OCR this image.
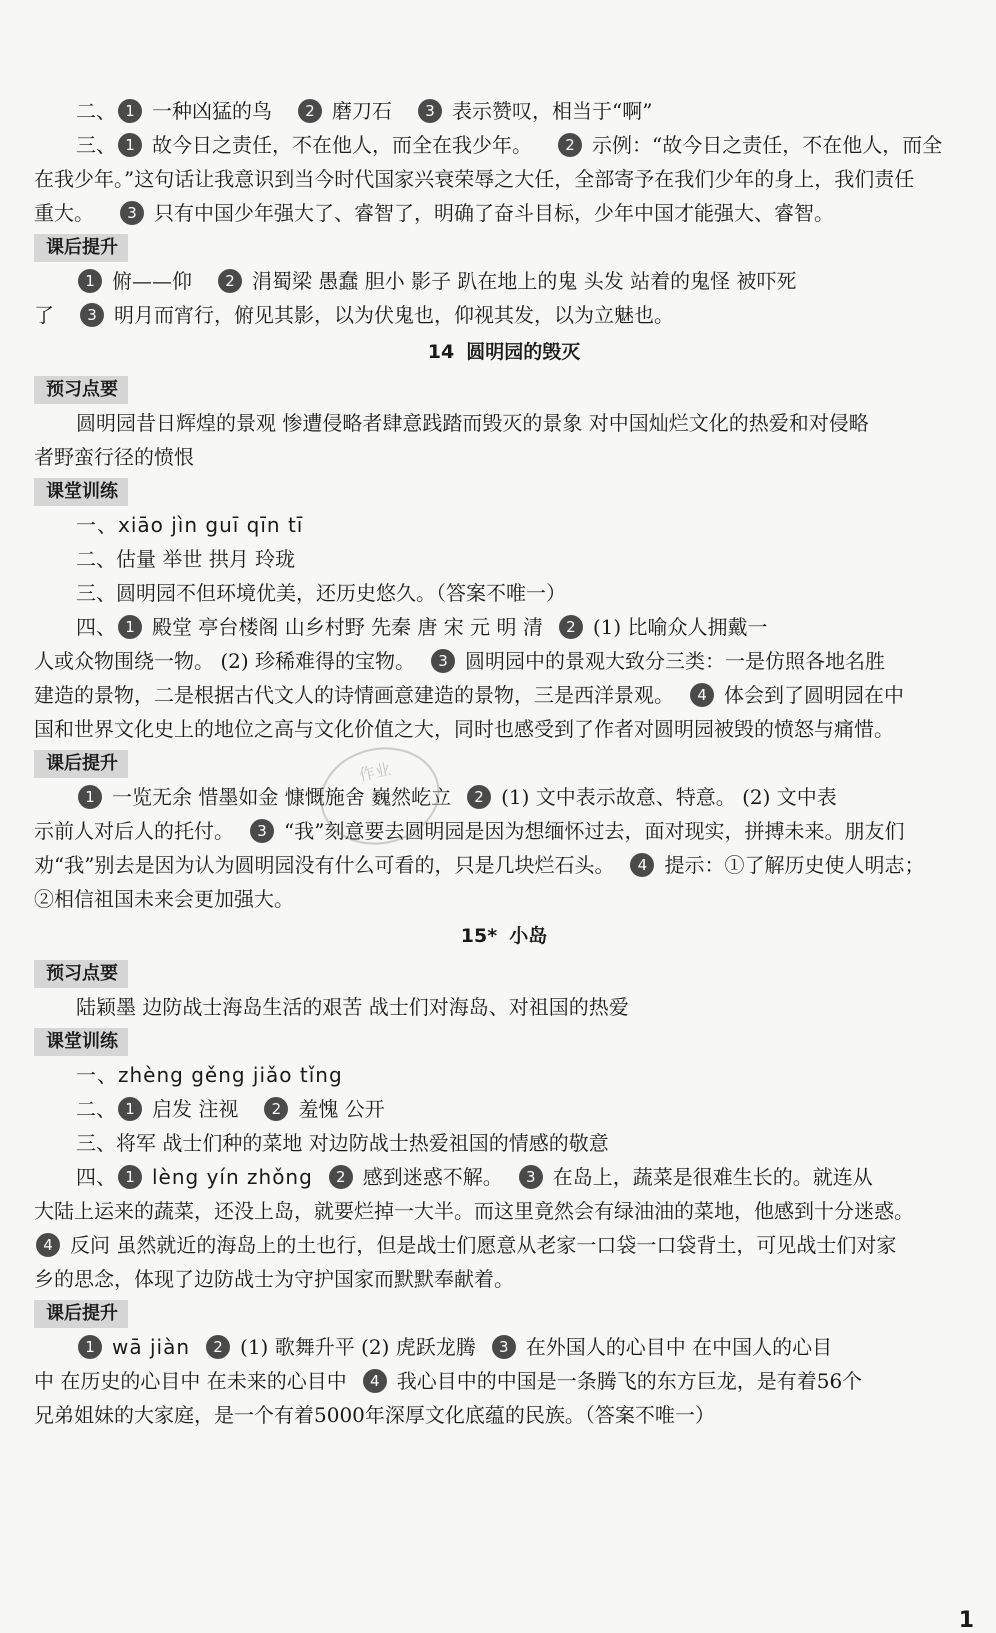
二、 1 一种凶猛的鸟 2 磨刀石 3 表示赞叹，相当于“啊”

三、 1 故今日之责任，不在他人，而全在我少年。 2 示例：“故今日之责任，不在他人，而全

在我少年。”这句话让我意识到当今时代国家兴衰荣辱之大任，全部寄予在我们少年的身上，我们责任

重大。 3 只有中国少年强大了、睿智了，明确了奋斗目标，少年中国才能强大、睿智。

课后提升

1 俯——仰 2 涓蜀梁 愚蠢 胆小 影子 趴在地上的鬼 头发 站着的鬼怪 被吓死

了 3 明月而宵行，俯见其影，以为伏鬼也，仰视其发，以为立魅也。

14 圆明园的毁灭
预习点要

圆明园昔日辉煌的景观 惨遭侵略者肆意践踏而毁灭的景象 对中国灿烂文化的热爱和对侵略

者野蛮行径的愤恨

课堂训练

一、xiāo jìn guī qīn tī

二、估量 举世 拱月 玲珑

三、圆明园不但环境优美，还历史悠久。（答案不唯一）

四、 1 殿堂 亭台楼阁 山乡村野 先秦 唐 宋 元 明 清 2 (1) 比喻众人拥戴一

人或众物围绕一物。 (2) 珍稀难得的宝物。 3 圆明园中的景观大致分三类：一是仿照各地名胜

建造的景物，二是根据古代文人的诗情画意建造的景物，三是西洋景观。 4 体会到了圆明园在中

国和世界文化史上的地位之高与文化价值之大，同时也感受到了作者对圆明园被毁的愤怒与痛惜。

课后提升

1 一览无余 惜墨如金 慷慨施舍 巍然屹立 2 (1) 文中表示故意、特意。 (2) 文中表

示前人对后人的托付。 3 “我”刻意要去圆明园是因为想缅怀过去，面对现实，拼搏未来。朋友们

劝“我”别去是因为认为圆明园没有什么可看的，只是几块烂石头。 4 提示：①了解历史使人明志；

②相信祖国未来会更加强大。

15* 小岛
预习点要

陆颖墨 边防战士海岛生活的艰苦 战士们对海岛、对祖国的热爱

课堂训练

一、zhèng gěng jiǎo tǐng

二、 1 启发 注视 2 羞愧 公开

三、将军 战士们种的菜地 对边防战士热爱祖国的情感的敬意

四、 1 lèng yín zhǒng 2 感到迷惑不解。 3 在岛上，蔬菜是很难生长的。就连从

大陆上运来的蔬菜，还没上岛，就要烂掉一大半。而这里竟然会有绿油油的菜地，他感到十分迷惑。

4 反问 虽然就近的海岛上的土也行，但是战士们愿意从老家一口袋一口袋背土，可见战士们对家

乡的思念，体现了边防战士为守护国家而默默奉献着。

课后提升

1 wā jiàn 2 (1) 歌舞升平 (2) 虎跃龙腾 3 在外国人的心目中 在中国人的心目

中 在历史的心目中 在未来的心目中 4 我心目中的中国是一条腾飞的东方巨龙，是有着56个

兄弟姐妹的大家庭，是一个有着5000年深厚文化底蕴的民族。（答案不唯一）

1
作业
